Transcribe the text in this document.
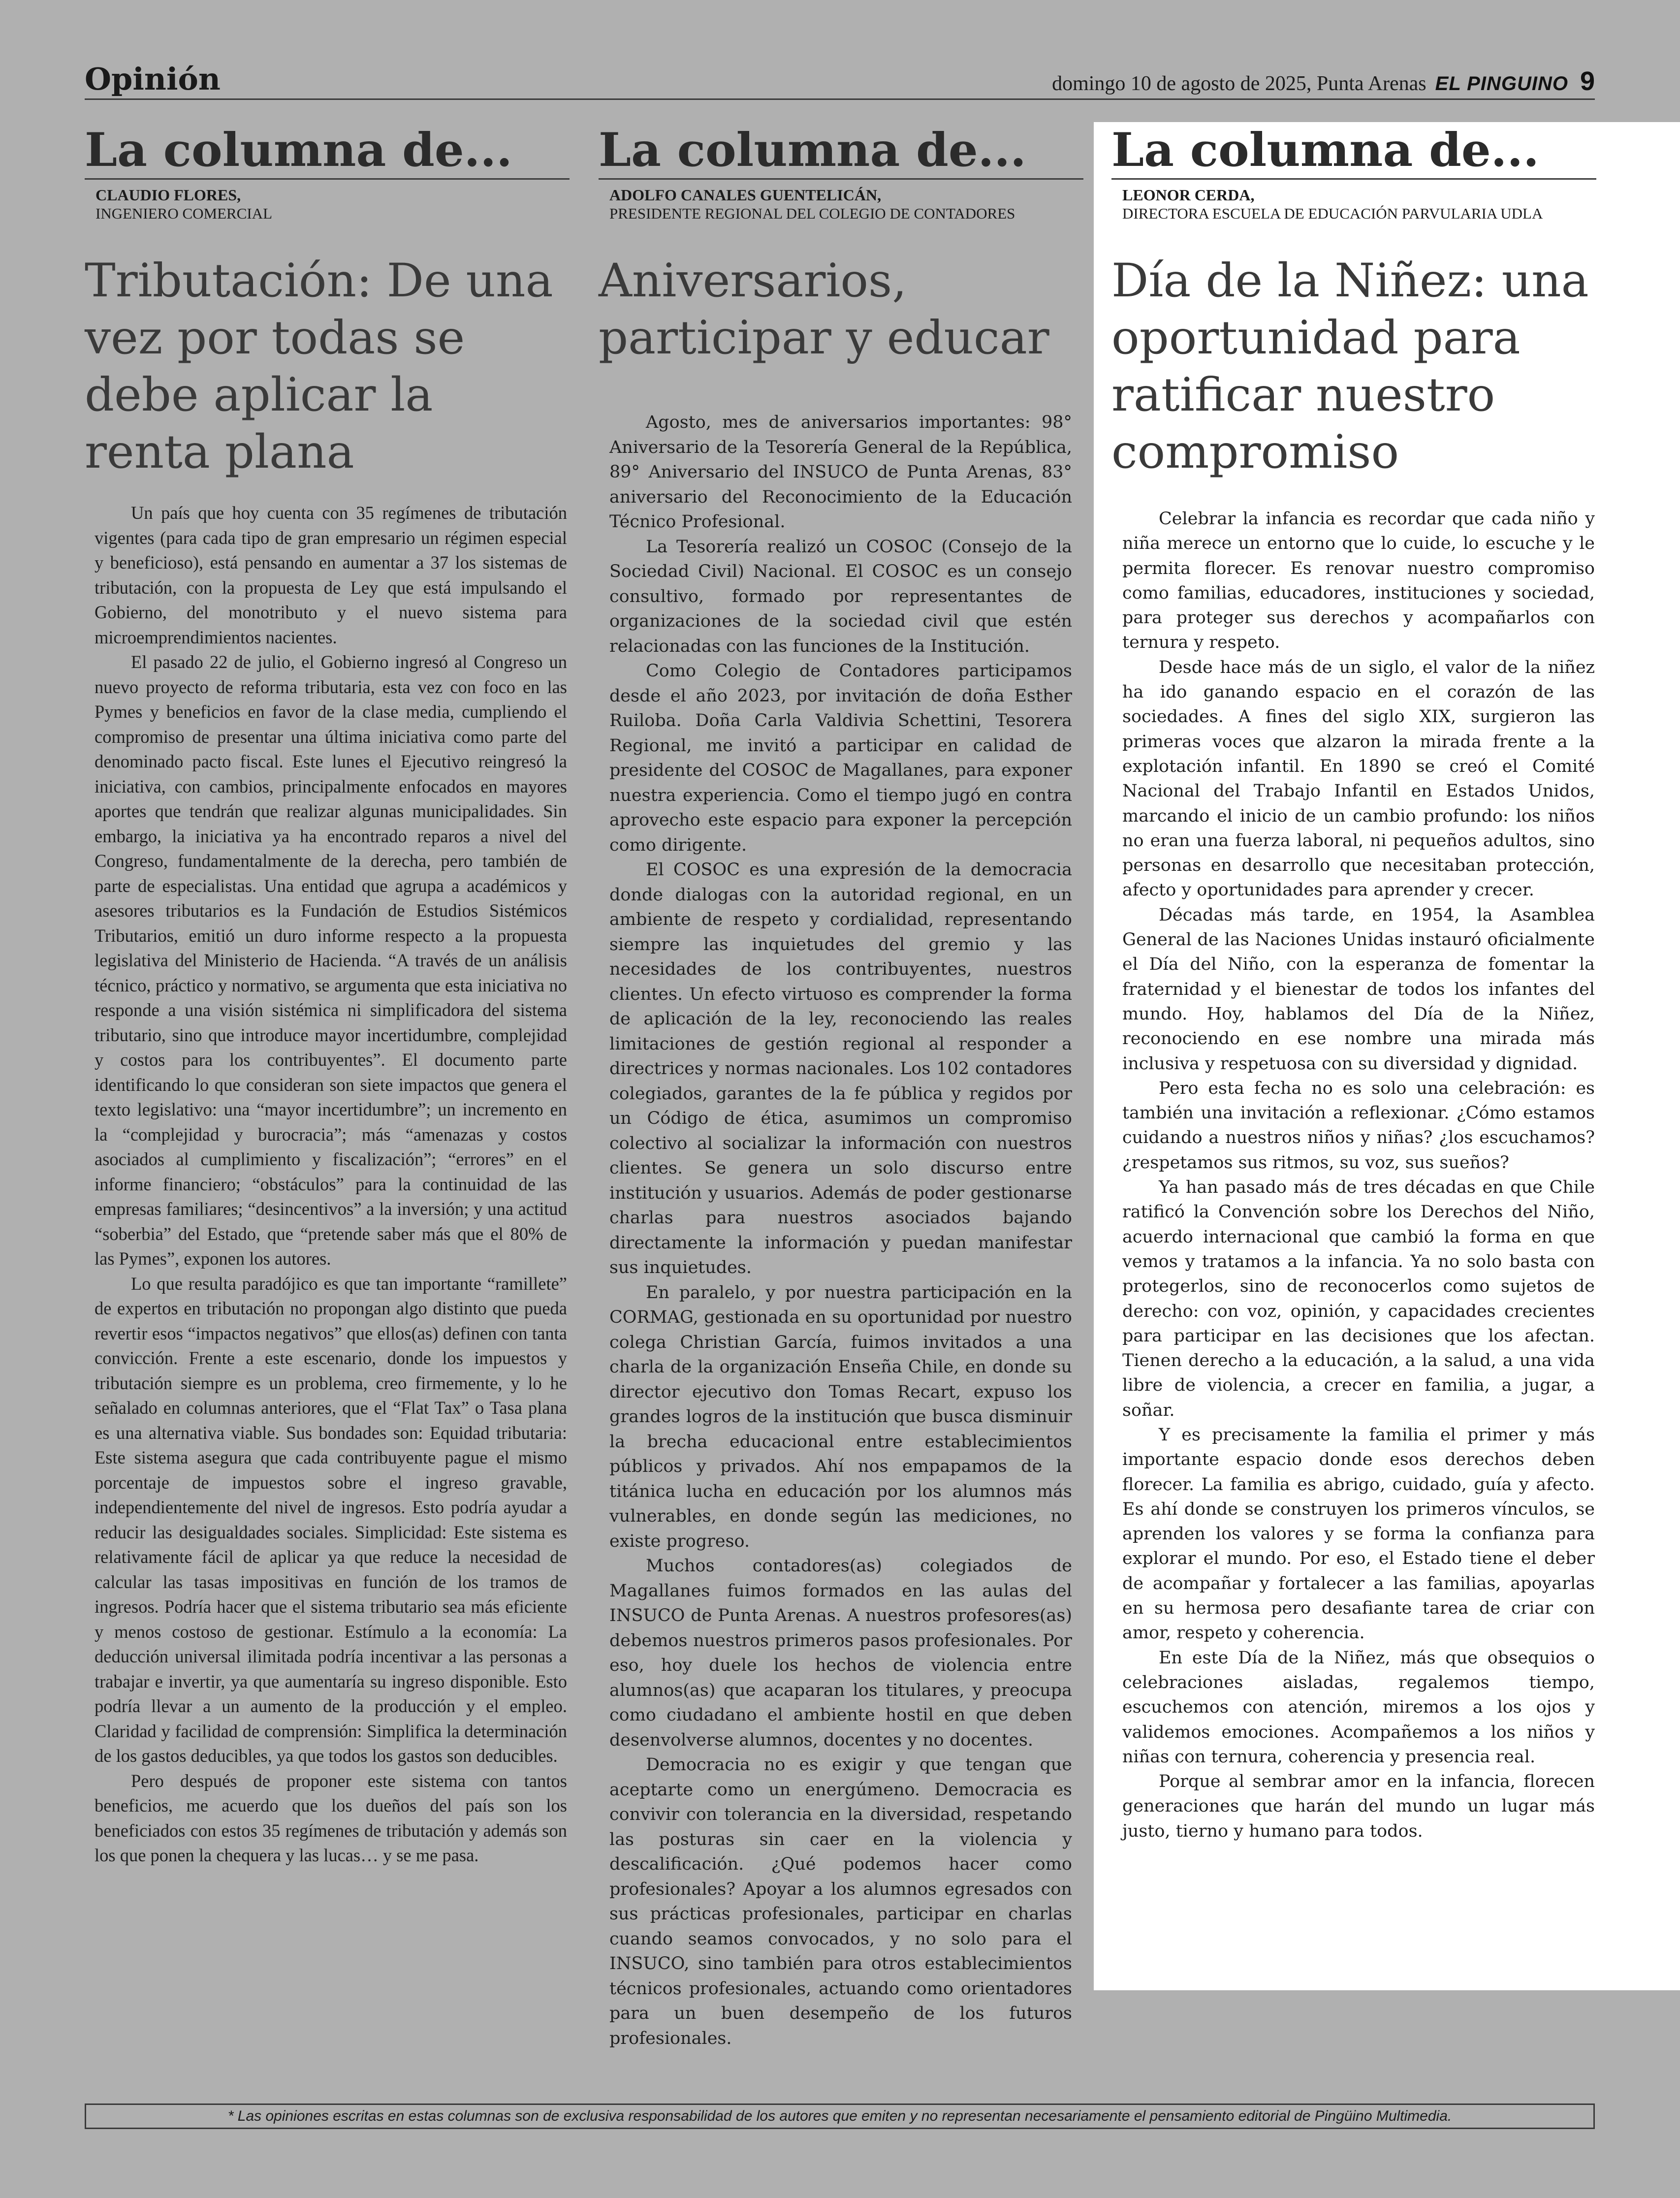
Opinión	domingo 10 de agosto de 2025, Punta Arenas EL PINGUINO 9
La columna de...
CLAUDIO FLORES,
INGENIERO COMERCIAL
Tributación: De una vez por todas se debe aplicar la renta plana

Un país que hoy cuenta con 35 regímenes de tributación vigentes (para cada tipo de gran empresario un régimen especial y beneficioso), está pensando en aumentar a 37 los sistemas de tributación, con la propuesta de Ley que está impulsando el Gobierno, del monotributo y el nuevo sistema para microemprendimientos nacientes.

El pasado 22 de julio, el Gobierno ingresó al Congreso un nuevo proyecto de reforma tributaria, esta vez con foco en las Pymes y beneficios en favor de la clase media, cumpliendo el compromiso de presentar una última iniciativa como parte del denominado pacto fiscal. Este lunes el Ejecutivo reingresó la iniciativa, con cambios, principalmente enfocados en mayores aportes que tendrán que realizar algunas municipalidades. Sin embargo, la iniciativa ya ha encontrado reparos a nivel del Congreso, fundamentalmente de la derecha, pero también de parte de especialistas. Una entidad que agrupa a académicos y asesores tributarios es la Fundación de Estudios Sistémicos Tributarios, emitió un duro informe respecto a la propuesta legislativa del Ministerio de Hacienda. “A través de un análisis técnico, práctico y normativo, se argumenta que esta iniciativa no responde a una visión sistémica ni simplificadora del sistema tributario, sino que introduce mayor incertidumbre, complejidad y costos para los contribuyentes”. El documento parte identificando lo que consideran son siete impactos que genera el texto legislativo: una “mayor incertidumbre”; un incremento en la “complejidad y burocracia”; más “amenazas y costos asociados al cumplimiento y fiscalización”; “errores” en el informe financiero; “obstáculos” para la continuidad de las empresas familiares; “desincentivos” a la inversión; y una actitud “soberbia” del Estado, que “pretende saber más que el 80% de las Pymes”, exponen los autores.

Lo que resulta paradójico es que tan importante “ramillete” de expertos en tributación no propongan algo distinto que pueda revertir esos “impactos negativos” que ellos(as) definen con tanta convicción. Frente a este escenario, donde los impuestos y tributación siempre es un problema, creo firmemente, y lo he señalado en columnas anteriores, que el “Flat Tax” o Tasa plana es una alternativa viable. Sus bondades son: Equidad tributaria: Este sistema asegura que cada contribuyente pague el mismo porcentaje de impuestos sobre el ingreso gravable, independientemente del nivel de ingresos. Esto podría ayudar a reducir las desigualdades sociales. Simplicidad: Este sistema es relativamente fácil de aplicar ya que reduce la necesidad de calcular las tasas impositivas en función de los tramos de ingresos. Podría hacer que el sistema tributario sea más eficiente y menos costoso de gestionar. Estímulo a la economía: La deducción universal ilimitada podría incentivar a las personas a trabajar e invertir, ya que aumentaría su ingreso disponible. Esto podría llevar a un aumento de la producción y el empleo. Claridad y facilidad de comprensión: Simplifica la determinación de los gastos deducibles, ya que todos los gastos son deducibles.

Pero después de proponer este sistema con tantos beneficios, me acuerdo que los dueños del país son los beneficiados con estos 35 regímenes de tributación y además son los que ponen la chequera y las lucas… y se me pasa.

La columna de...
ADOLFO CANALES GUENTELICÁN,
PRESIDENTE REGIONAL DEL COLEGIO DE CONTADORES
Aniversarios, participar y educar

Agosto, mes de aniversarios importantes: 98° Aniversario de la Tesorería General de la República, 89° Aniversario del INSUCO de Punta Arenas, 83° aniversario del Reconocimiento de la Educación Técnico Profesional.

La Tesorería realizó un COSOC (Consejo de la Sociedad Civil) Nacional. El COSOC es un consejo consultivo, formado por representantes de organizaciones de la sociedad civil que estén relacionadas con las funciones de la Institución.

Como Colegio de Contadores participamos desde el año 2023, por invitación de doña Esther Ruiloba. Doña Carla Valdivia Schettini, Tesorera Regional, me invitó a participar en calidad de presidente del COSOC de Magallanes, para exponer nuestra experiencia. Como el tiempo jugó en contra aprovecho este espacio para exponer la percepción como dirigente.

El COSOC es una expresión de la democracia donde dialogas con la autoridad regional, en un ambiente de respeto y cordialidad, representando siempre las inquietudes del gremio y las necesidades de los contribuyentes, nuestros clientes. Un efecto virtuoso es comprender la forma de aplicación de la ley, reconociendo las reales limitaciones de gestión regional al responder a directrices y normas nacionales. Los 102 contadores colegiados, garantes de la fe pública y regidos por un Código de ética, asumimos un compromiso colectivo al socializar la información con nuestros clientes. Se genera un solo discurso entre institución y usuarios. Además de poder gestionarse charlas para nuestros asociados bajando directamente la información y puedan manifestar sus inquietudes.

En paralelo, y por nuestra participación en la CORMAG, gestionada en su oportunidad por nuestro colega Christian García, fuimos invitados a una charla de la organización Enseña Chile, en donde su director ejecutivo don Tomas Recart, expuso los grandes logros de la institución que busca disminuir la brecha educacional entre establecimientos públicos y privados. Ahí nos empapamos de la titánica lucha en educación por los alumnos más vulnerables, en donde según las mediciones, no existe progreso.

Muchos contadores(as) colegiados de Magallanes fuimos formados en las aulas del INSUCO de Punta Arenas. A nuestros profesores(as) debemos nuestros primeros pasos profesionales. Por eso, hoy duele los hechos de violencia entre alumnos(as) que acaparan los titulares, y preocupa como ciudadano el ambiente hostil en que deben desenvolverse alumnos, docentes y no docentes.

Democracia no es exigir y que tengan que aceptarte como un energúmeno. Democracia es convivir con tolerancia en la diversidad, respetando las posturas sin caer en la violencia y descalificación. ¿Qué podemos hacer como profesionales? Apoyar a los alumnos egresados con sus prácticas profesionales, participar en charlas cuando seamos convocados, y no solo para el INSUCO, sino también para otros establecimientos técnicos profesionales, actuando como orientadores para un buen desempeño de los futuros profesionales.

La columna de...
LEONOR CERDA,
DIRECTORA ESCUELA DE EDUCACIÓN PARVULARIA UDLA
Día de la Niñez: una oportunidad para ratificar nuestro compromiso

Celebrar la infancia es recordar que cada niño y niña merece un entorno que lo cuide, lo escuche y le permita florecer. Es renovar nuestro compromiso como familias, educadores, instituciones y sociedad, para proteger sus derechos y acompañarlos con ternura y respeto.

Desde hace más de un siglo, el valor de la niñez ha ido ganando espacio en el corazón de las sociedades. A fines del siglo XIX, surgieron las primeras voces que alzaron la mirada frente a la explotación infantil. En 1890 se creó el Comité Nacional del Trabajo Infantil en Estados Unidos, marcando el inicio de un cambio profundo: los niños no eran una fuerza laboral, ni pequeños adultos, sino personas en desarrollo que necesitaban protección, afecto y oportunidades para aprender y crecer.

Décadas más tarde, en 1954, la Asamblea General de las Naciones Unidas instauró oficialmente el Día del Niño, con la esperanza de fomentar la fraternidad y el bienestar de todos los infantes del mundo. Hoy, hablamos del Día de la Niñez, reconociendo en ese nombre una mirada más inclusiva y respetuosa con su diversidad y dignidad.

Pero esta fecha no es solo una celebración: es también una invitación a reflexionar. ¿Cómo estamos cuidando a nuestros niños y niñas? ¿los escuchamos? ¿respetamos sus ritmos, su voz, sus sueños?

Ya han pasado más de tres décadas en que Chile ratificó la Convención sobre los Derechos del Niño, acuerdo internacional que cambió la forma en que vemos y tratamos a la infancia. Ya no solo basta con protegerlos, sino de reconocerlos como sujetos de derecho: con voz, opinión, y capacidades crecientes para participar en las decisiones que los afectan. Tienen derecho a la educación, a la salud, a una vida libre de violencia, a crecer en familia, a jugar, a soñar.

Y es precisamente la familia el primer y más importante espacio donde esos derechos deben florecer. La familia es abrigo, cuidado, guía y afecto. Es ahí donde se construyen los primeros vínculos, se aprenden los valores y se forma la confianza para explorar el mundo. Por eso, el Estado tiene el deber de acompañar y fortalecer a las familias, apoyarlas en su hermosa pero desafiante tarea de criar con amor, respeto y coherencia.

En este Día de la Niñez, más que obsequios o celebraciones aisladas, regalemos tiempo, escuchemos con atención, miremos a los ojos y validemos emociones. Acompañemos a los niños y niñas con ternura, coherencia y presencia real.

Porque al sembrar amor en la infancia, florecen generaciones que harán del mundo un lugar más justo, tierno y humano para todos.

* Las opiniones escritas en estas columnas son de exclusiva responsabilidad de los autores que emiten y no representan necesariamente el pensamiento editorial de Pingüino Multimedia.
